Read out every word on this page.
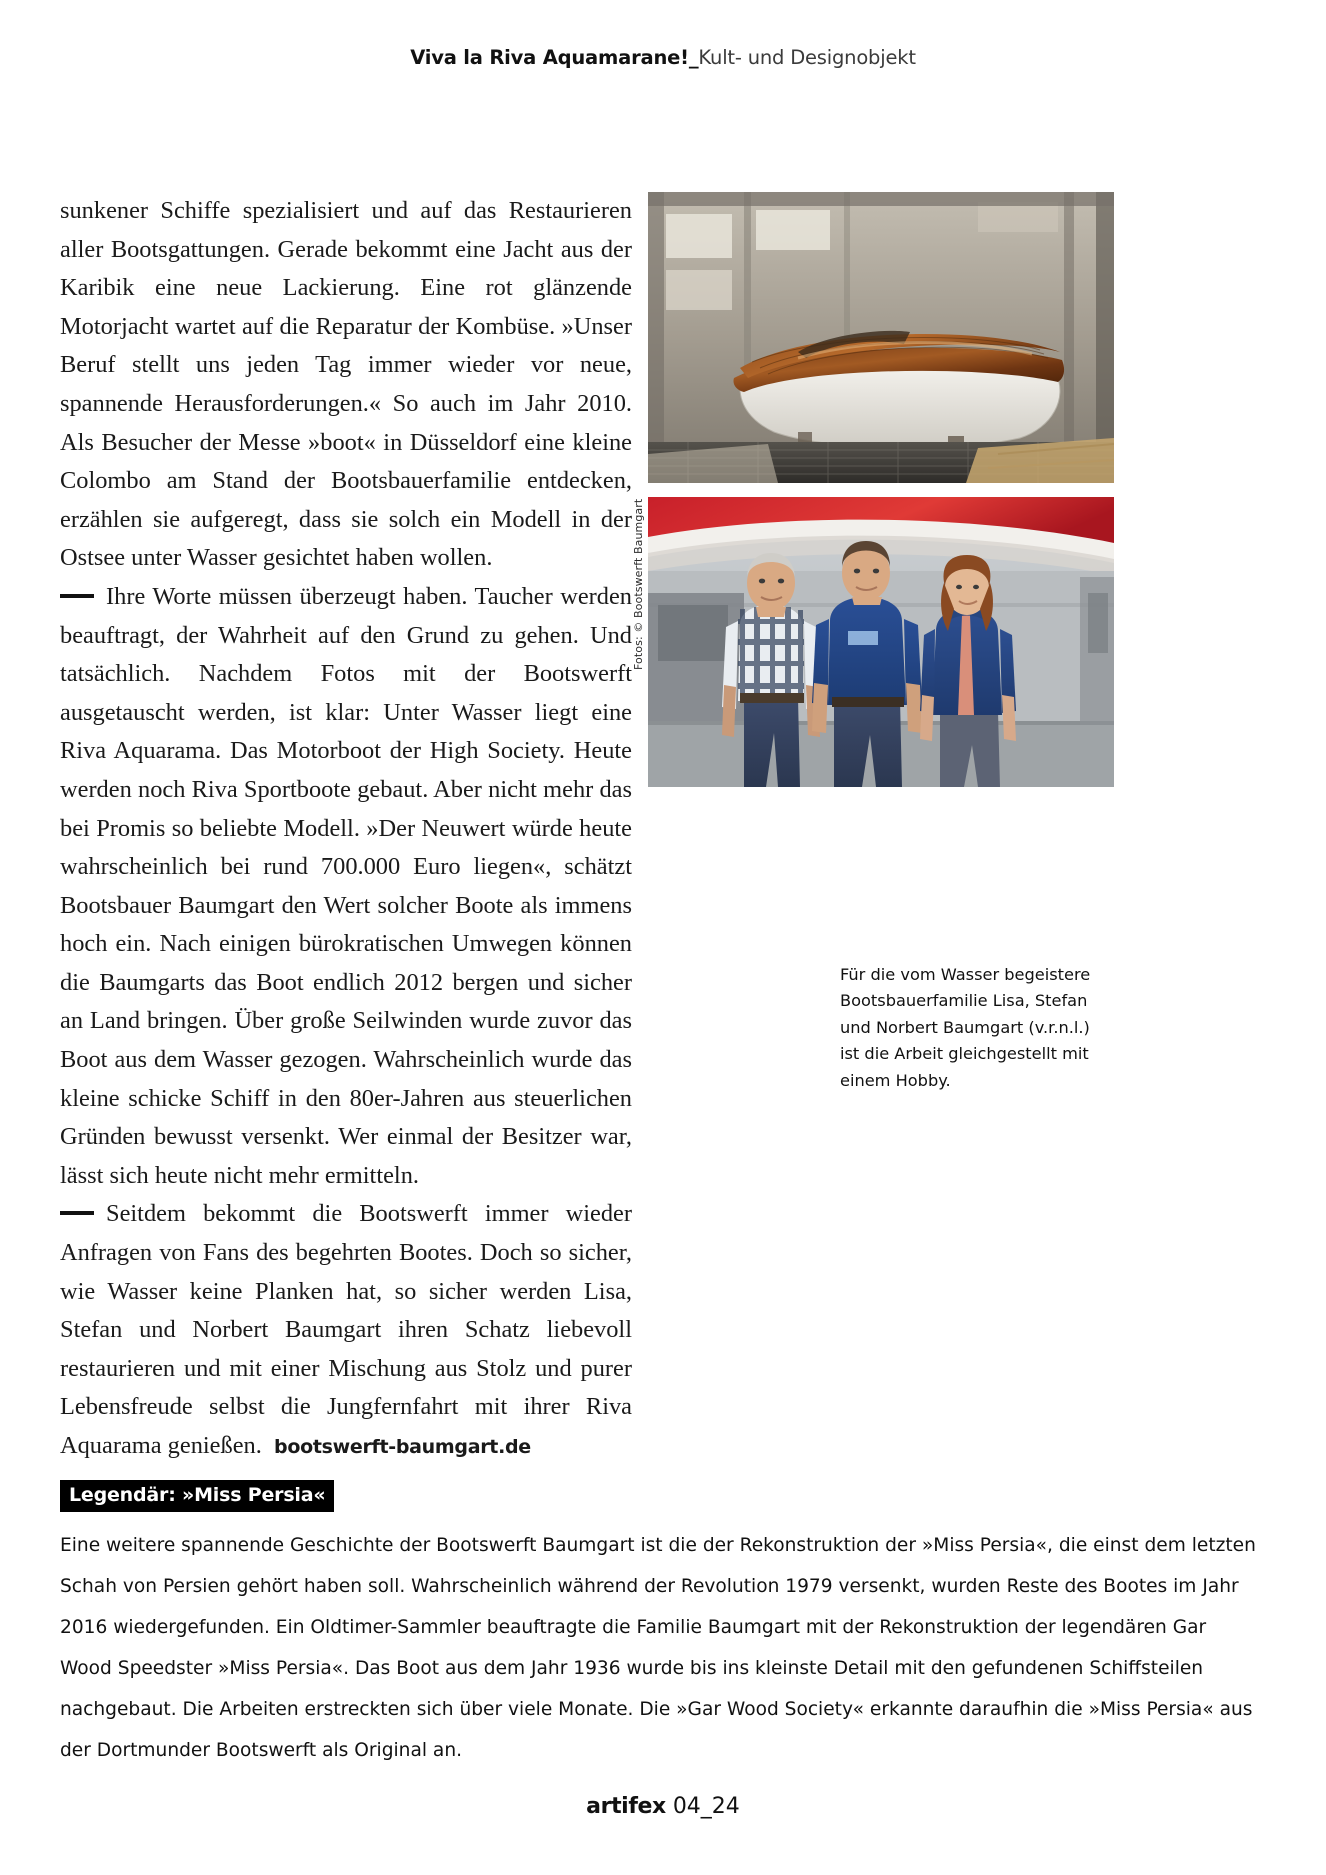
Viva la Riva Aquamarane!_Kult- und Designobjekt

sunkener Schiffe spezialisiert und auf das Restaurieren aller Bootsgattungen. Gerade bekommt eine Jacht aus der Karibik eine neue Lackierung. Eine rot glänzende Motorjacht wartet auf die Reparatur der Kombüse. »Unser Beruf stellt uns jeden Tag immer wieder vor neue, spannende Herausforderungen.« So auch im Jahr 2010. Als Besucher der Messe »boot« in Düsseldorf eine kleine Colombo am Stand der Bootsbauerfamilie entdecken, erzählen sie aufgeregt, dass sie solch ein Modell in der Ostsee unter Wasser gesichtet haben wollen.

Ihre Worte müssen überzeugt haben. Taucher werden beauftragt, der Wahrheit auf den Grund zu gehen. Und tatsächlich. Nachdem Fotos mit der Bootswerft ausgetauscht werden, ist klar: Unter Wasser liegt eine Riva Aquarama. Das Motorboot der High Society. Heute werden noch Riva Sportboote gebaut. Aber nicht mehr das bei Promis so beliebte Modell. »Der Neuwert würde heute wahrscheinlich bei rund 700.000 Euro liegen«, schätzt Bootsbauer Baumgart den Wert solcher Boote als immens hoch ein. Nach einigen bürokratischen Umwegen können die Baumgarts das Boot endlich 2012 bergen und sicher an Land bringen. Über große Seilwinden wurde zuvor das Boot aus dem Wasser gezogen. Wahrscheinlich wurde das kleine schicke Schiff in den 80er-Jahren aus steuerlichen Gründen bewusst versenkt. Wer einmal der Besitzer war, lässt sich heute nicht mehr ermitteln.

Seitdem bekommt die Bootswerft immer wieder Anfragen von Fans des begehrten Bootes. Doch so sicher, wie Wasser keine Planken hat, so sicher werden Lisa, Stefan und Norbert Baumgart ihren Schatz liebevoll restaurieren und mit einer Mischung aus Stolz und purer Lebensfreude selbst die Jungfernfahrt mit ihrer Riva Aquarama genießen. bootswerft-baumgart.de

Fotos: © Bootswerft Baumgart
Für die vom Wasser begeistere Bootsbauerfamilie Lisa, Stefan und Norbert Baumgart (v.r.n.l.) ist die Arbeit gleichgestellt mit einem Hobby.
Legendär: »Miss Persia«
Eine weitere spannende Geschichte der Bootswerft Baumgart ist die der Rekonstruktion der »Miss Persia«, die einst dem letzten Schah von Persien gehört haben soll. Wahrscheinlich während der Revolution 1979 versenkt, wurden Reste des Bootes im Jahr 2016 wiedergefunden. Ein Oldtimer-Sammler beauftragte die Familie Baumgart mit der Rekonstruktion der legendären Gar Wood Speedster »Miss Persia«. Das Boot aus dem Jahr 1936 wurde bis ins kleinste Detail mit den gefundenen Schiffsteilen nachgebaut. Die Arbeiten erstreckten sich über viele Monate. Die »Gar Wood Society« erkannte daraufhin die »Miss Persia« aus der Dortmunder Bootswerft als Original an.
artifex 04_24
